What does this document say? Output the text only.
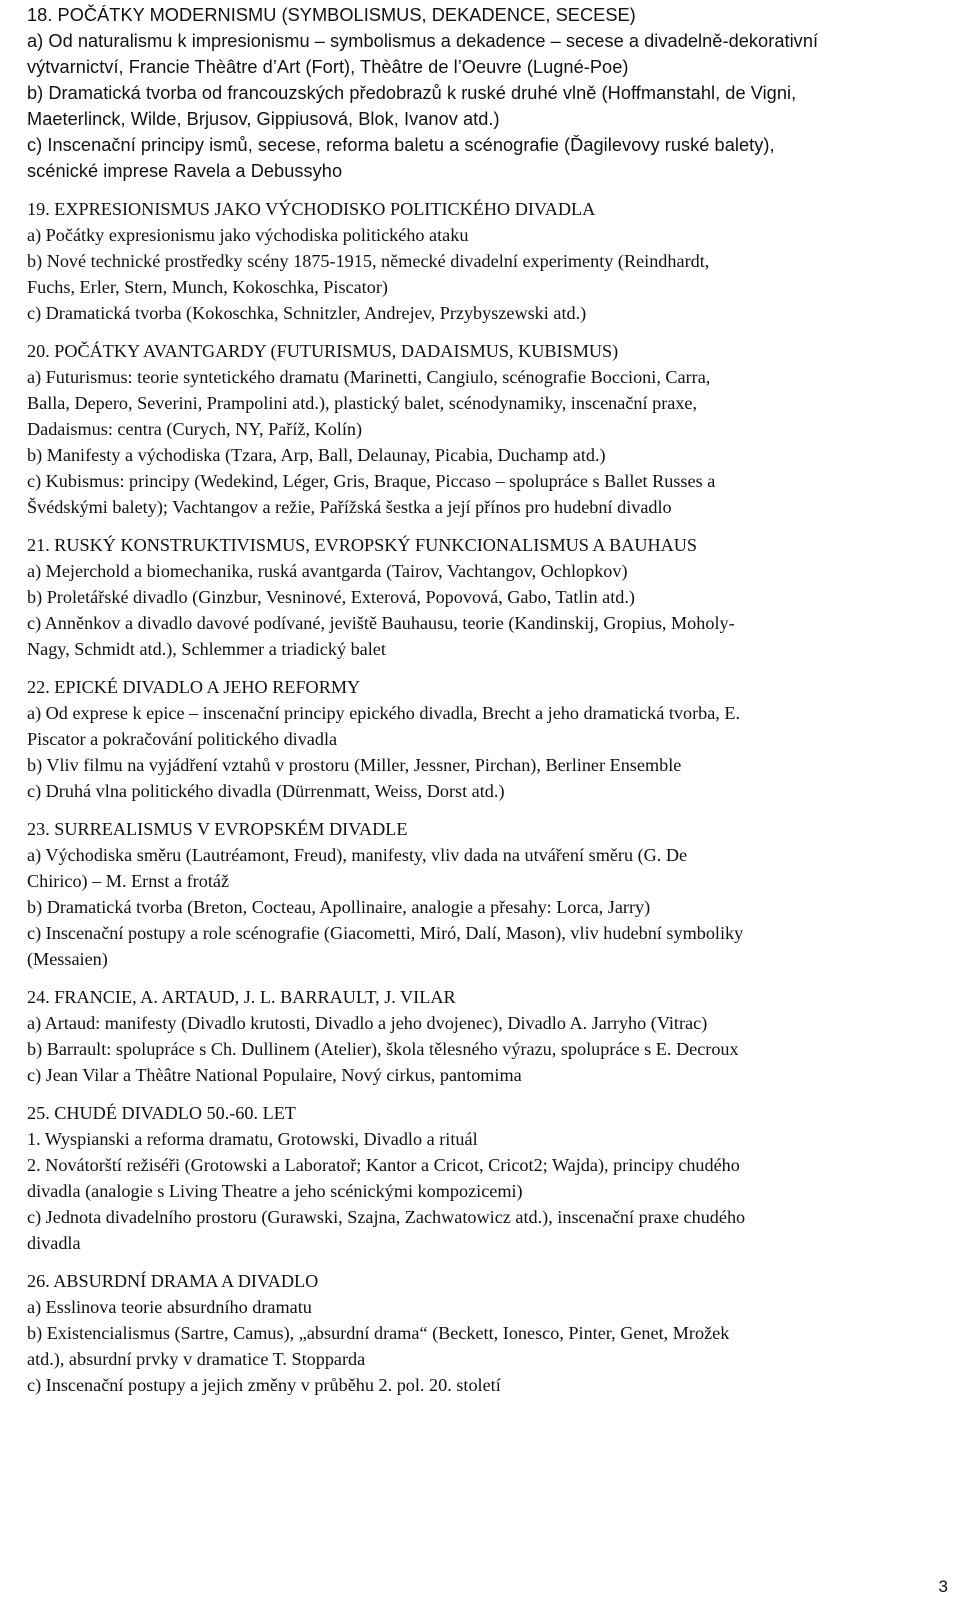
18. POČÁTKY MODERNISMU (SYMBOLISMUS, DEKADENCE, SECESE)

a) Od naturalismu k impresionismu – symbolismus a dekadence – secese a divadelně-dekorativní

výtvarnictví, Francie Thèâtre d’Art (Fort), Thèâtre de l’Oeuvre (Lugné-Poe)

b) Dramatická tvorba od francouzských předobrazů k ruské druhé vlně (Hoffmanstahl, de Vigni,

Maeterlinck, Wilde, Brjusov, Gippiusová, Blok, Ivanov atd.)

c) Inscenační principy ismů, secese, reforma baletu a scénografie (Ďagilevovy ruské balety),

scénické imprese Ravela a Debussyho

19. EXPRESIONISMUS JAKO VÝCHODISKO POLITICKÉHO DIVADLA

a) Počátky expresionismu jako východiska politického ataku

b) Nové technické prostředky scény 1875-1915, německé divadelní experimenty (Reindhardt,

Fuchs, Erler, Stern, Munch, Kokoschka, Piscator)

c) Dramatická tvorba (Kokoschka, Schnitzler, Andrejev, Przybyszewski atd.)

20. POČÁTKY AVANTGARDY (FUTURISMUS, DADAISMUS, KUBISMUS)

a) Futurismus: teorie syntetického dramatu (Marinetti, Cangiulo, scénografie Boccioni, Carra,

Balla, Depero, Severini, Prampolini atd.), plastický balet, scénodynamiky, inscenační praxe,

Dadaismus: centra (Curych, NY, Paříž, Kolín)

b) Manifesty a východiska (Tzara, Arp, Ball, Delaunay, Picabia, Duchamp atd.)

c) Kubismus: principy (Wedekind, Léger, Gris, Braque, Piccaso – spolupráce s Ballet Russes a

Švédskými balety); Vachtangov a režie, Pařížská šestka a její přínos pro hudební divadlo

21. RUSKÝ KONSTRUKTIVISMUS, EVROPSKÝ FUNKCIONALISMUS A BAUHAUS

a) Mejerchold a biomechanika, ruská avantgarda (Tairov, Vachtangov, Ochlopkov)

b) Proletářské divadlo (Ginzbur, Vesninové, Exterová, Popovová, Gabo, Tatlin atd.)

c) Anněnkov a divadlo davové podívané, jeviště Bauhausu, teorie (Kandinskij, Gropius, Moholy-

Nagy, Schmidt atd.), Schlemmer a triadický balet

22. EPICKÉ DIVADLO A JEHO REFORMY

a) Od exprese k epice – inscenační principy epického divadla, Brecht a jeho dramatická tvorba, E.

Piscator a pokračování politického divadla

b) Vliv filmu na vyjádření vztahů v prostoru (Miller, Jessner, Pirchan), Berliner Ensemble

c) Druhá vlna politického divadla (Dürrenmatt, Weiss, Dorst atd.)

23. SURREALISMUS V EVROPSKÉM DIVADLE

a) Východiska směru (Lautréamont, Freud), manifesty, vliv dada na utváření směru (G. De

Chirico) – M. Ernst a frotáž

b) Dramatická tvorba (Breton, Cocteau, Apollinaire, analogie a přesahy: Lorca, Jarry)

c) Inscenační postupy a role scénografie (Giacometti, Miró, Dalí, Mason), vliv hudební symboliky

(Messaien)

24. FRANCIE, A. ARTAUD, J. L. BARRAULT, J. VILAR

a) Artaud: manifesty (Divadlo krutosti, Divadlo a jeho dvojenec), Divadlo A. Jarryho (Vitrac)

b) Barrault: spolupráce s Ch. Dullinem (Atelier), škola tělesného výrazu, spolupráce s E. Decroux

c) Jean Vilar a Thèâtre National Populaire, Nový cirkus, pantomima

25. CHUDÉ DIVADLO 50.-60. LET

1. Wyspianski a reforma dramatu, Grotowski, Divadlo a rituál

2. Novátorští režiséři (Grotowski a Laboratoř; Kantor a Cricot, Cricot2; Wajda), principy chudého

divadla (analogie s Living Theatre a jeho scénickými kompozicemi)

c) Jednota divadelního prostoru (Gurawski, Szajna, Zachwatowicz atd.), inscenační praxe chudého

divadla

26. ABSURDNÍ DRAMA A DIVADLO

a) Esslinova teorie absurdního dramatu

b) Existencialismus (Sartre, Camus), „absurdní drama“ (Beckett, Ionesco, Pinter, Genet, Mrožek

atd.), absurdní prvky v dramatice T. Stopparda

c) Inscenační postupy a jejich změny v průběhu 2. pol. 20. století

3
